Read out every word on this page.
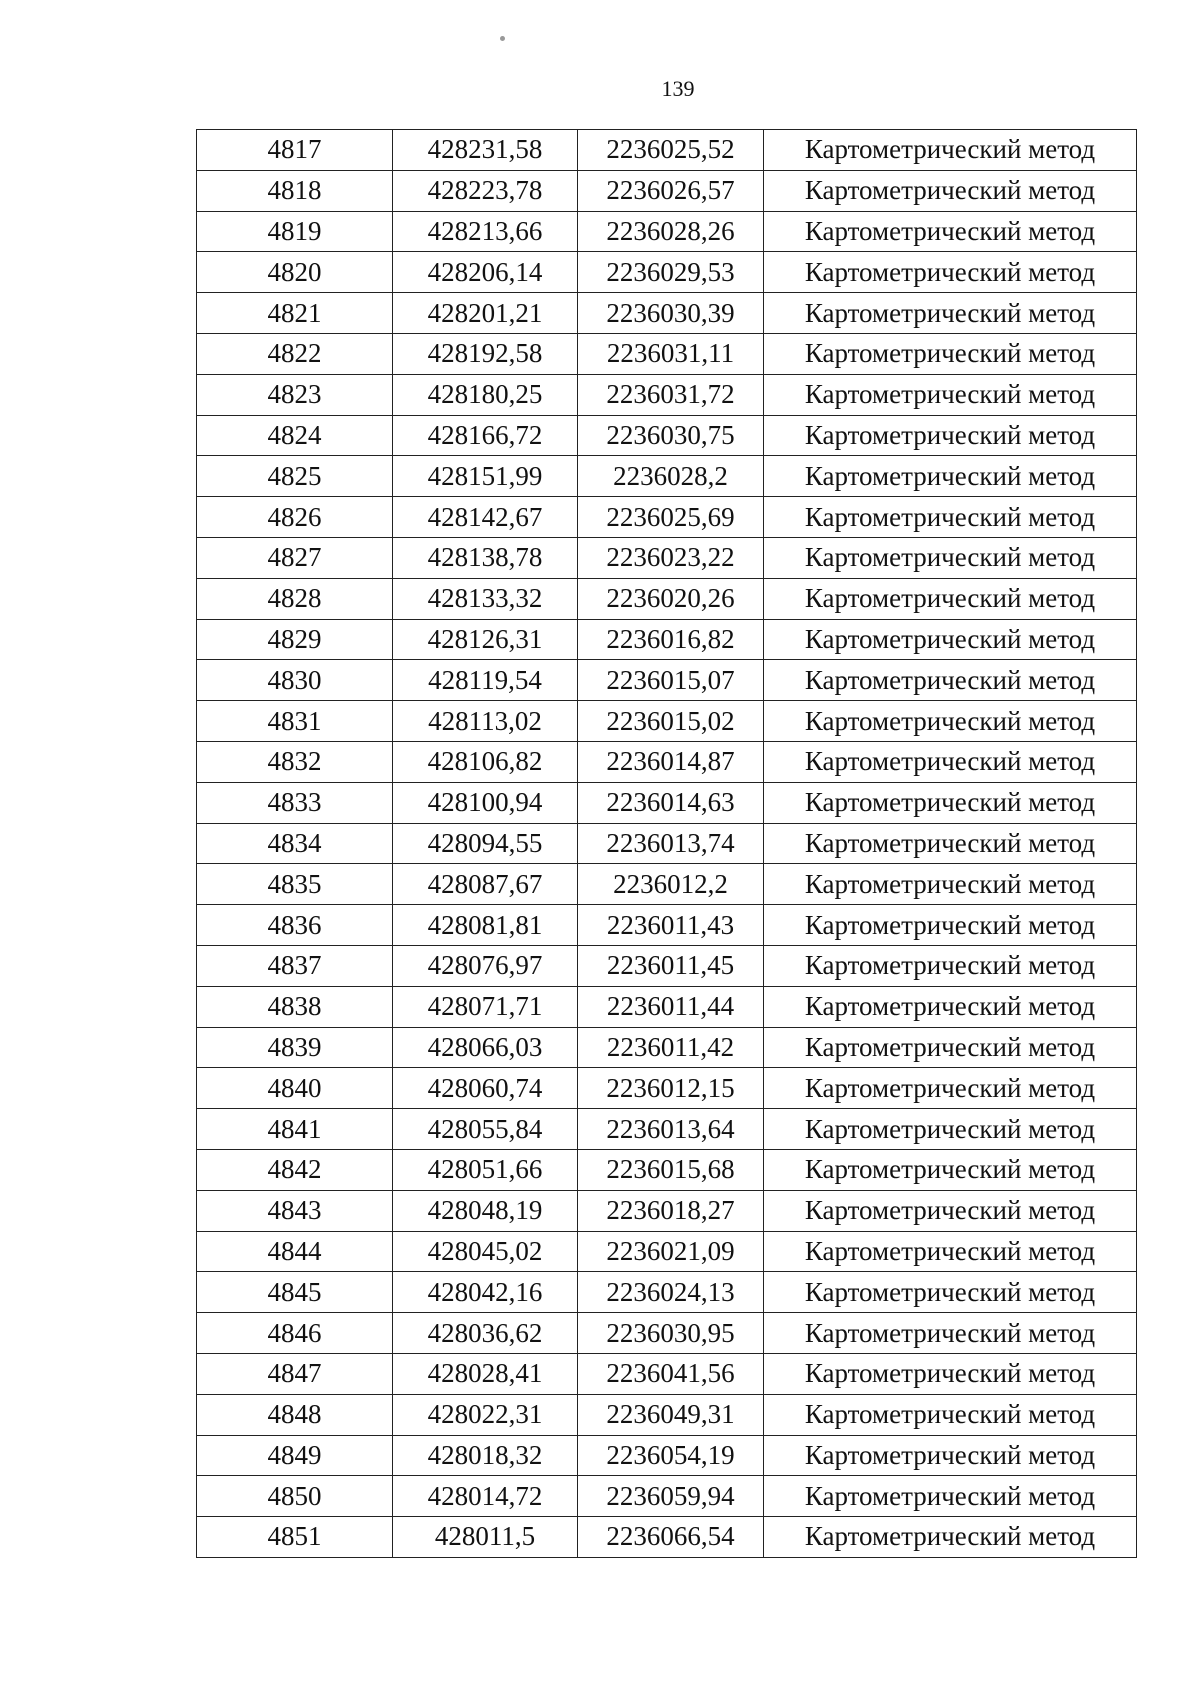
139
4817	428231,58	2236025,52	Картометрический метод
4818	428223,78	2236026,57	Картометрический метод
4819	428213,66	2236028,26	Картометрический метод
4820	428206,14	2236029,53	Картометрический метод
4821	428201,21	2236030,39	Картометрический метод
4822	428192,58	2236031,11	Картометрический метод
4823	428180,25	2236031,72	Картометрический метод
4824	428166,72	2236030,75	Картометрический метод
4825	428151,99	2236028,2	Картометрический метод
4826	428142,67	2236025,69	Картометрический метод
4827	428138,78	2236023,22	Картометрический метод
4828	428133,32	2236020,26	Картометрический метод
4829	428126,31	2236016,82	Картометрический метод
4830	428119,54	2236015,07	Картометрический метод
4831	428113,02	2236015,02	Картометрический метод
4832	428106,82	2236014,87	Картометрический метод
4833	428100,94	2236014,63	Картометрический метод
4834	428094,55	2236013,74	Картометрический метод
4835	428087,67	2236012,2	Картометрический метод
4836	428081,81	2236011,43	Картометрический метод
4837	428076,97	2236011,45	Картометрический метод
4838	428071,71	2236011,44	Картометрический метод
4839	428066,03	2236011,42	Картометрический метод
4840	428060,74	2236012,15	Картометрический метод
4841	428055,84	2236013,64	Картометрический метод
4842	428051,66	2236015,68	Картометрический метод
4843	428048,19	2236018,27	Картометрический метод
4844	428045,02	2236021,09	Картометрический метод
4845	428042,16	2236024,13	Картометрический метод
4846	428036,62	2236030,95	Картометрический метод
4847	428028,41	2236041,56	Картометрический метод
4848	428022,31	2236049,31	Картометрический метод
4849	428018,32	2236054,19	Картометрический метод
4850	428014,72	2236059,94	Картометрический метод
4851	428011,5	2236066,54	Картометрический метод
